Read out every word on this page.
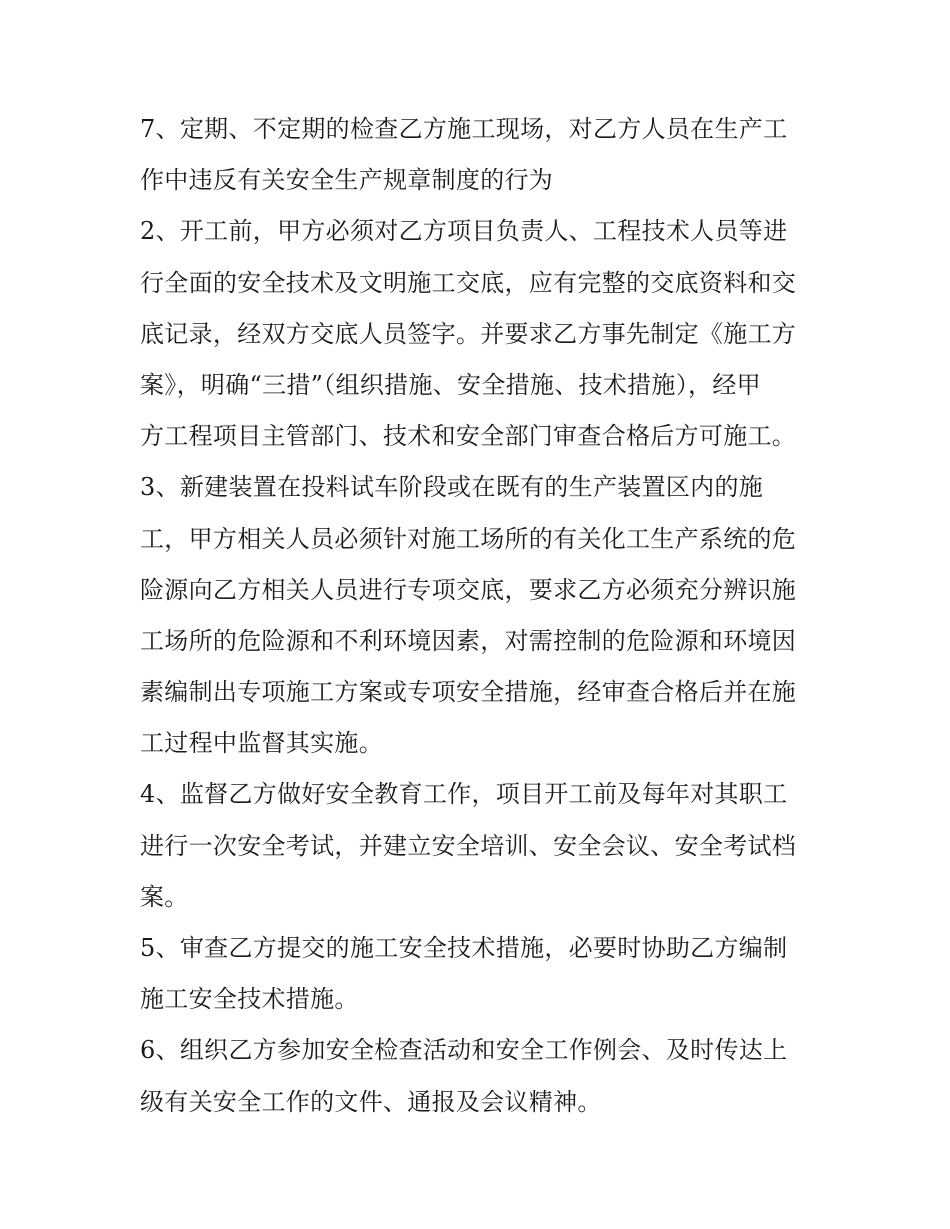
7、定期、不定期的检查乙方施工现场，对乙方人员在生产工
作中违反有关安全生产规章制度的行为

2、开工前，甲方必须对乙方项目负责人、工程技术人员等进
行全面的安全技术及文明施工交底，应有完整的交底资料和交
底记录，经双方交底人员签字。并要求乙方事先制定《施工方
案》，明确“三措”（组织措施、安全措施、技术措施），经甲
方工程项目主管部门、技术和安全部门审查合格后方可施工。

3、新建装置在投料试车阶段或在既有的生产装置区内的施
工，甲方相关人员必须针对施工场所的有关化工生产系统的危
险源向乙方相关人员进行专项交底，要求乙方必须充分辨识施
工场所的危险源和不利环境因素，对需控制的危险源和环境因
素编制出专项施工方案或专项安全措施，经审查合格后并在施
工过程中监督其实施。

4、监督乙方做好安全教育工作，项目开工前及每年对其职工
进行一次安全考试，并建立安全培训、安全会议、安全考试档
案。

5、审查乙方提交的施工安全技术措施，必要时协助乙方编制
施工安全技术措施。

6、组织乙方参加安全检查活动和安全工作例会、及时传达上
级有关安全工作的文件、通报及会议精神。
